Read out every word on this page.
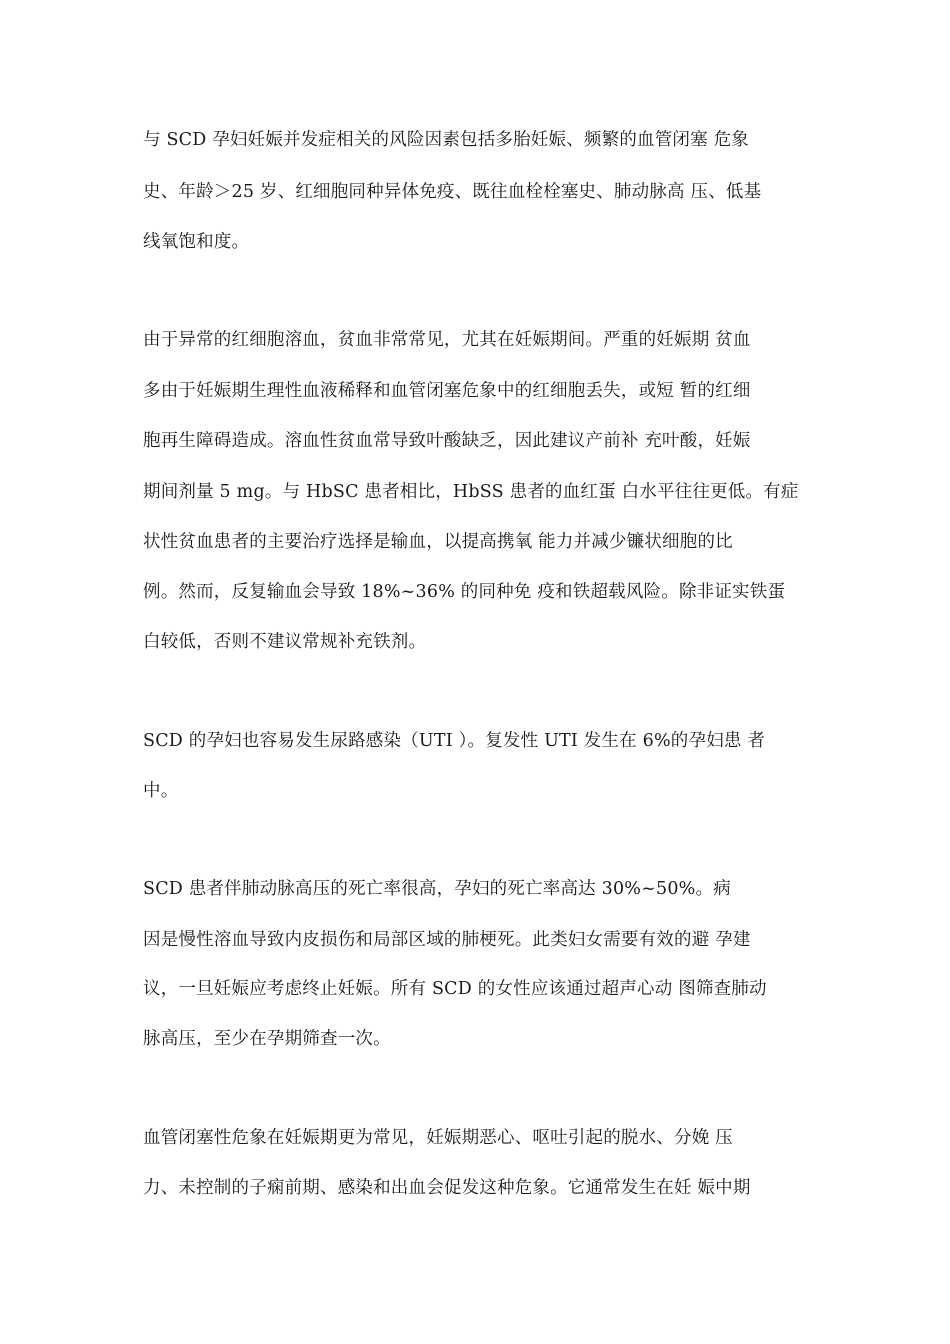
与 SCD 孕妇妊娠并发症相关的风险因素包括多胎妊娠、频繁的血管闭塞 危象
史、年龄＞25 岁、红细胞同种异体免疫、既往血栓栓塞史、肺动脉高 压、低基
线氧饱和度。
由于异常的红细胞溶血，贫血非常常见，尤其在妊娠期间。严重的妊娠期 贫血
多由于妊娠期生理性血液稀释和血管闭塞危象中的红细胞丢失，或短 暂的红细
胞再生障碍造成。溶血性贫血常导致叶酸缺乏，因此建议产前补 充叶酸，妊娠
期间剂量 5 mg。与 HbSC 患者相比，HbSS 患者的血红蛋 白水平往往更低。有症
状性贫血患者的主要治疗选择是输血，以提高携氧 能力并减少镰状细胞的比
例。然而，反复输血会导致 18%~36% 的同种免 疫和铁超载风险。除非证实铁蛋
白较低，否则不建议常规补充铁剂。
SCD 的孕妇也容易发生尿路感染（UTI ）。复发性 UTI 发生在 6%的孕妇患 者
中。
SCD 患者伴肺动脉高压的死亡率很高，孕妇的死亡率高达 30%~50%。病
因是慢性溶血导致内皮损伤和局部区域的肺梗死。此类妇女需要有效的避 孕建
议，一旦妊娠应考虑终止妊娠。所有 SCD 的女性应该通过超声心动 图筛查肺动
脉高压，至少在孕期筛查一次。
血管闭塞性危象在妊娠期更为常见，妊娠期恶心、呕吐引起的脱水、分娩 压
力、未控制的子痫前期、感染和出血会促发这种危象。它通常发生在妊 娠中期
